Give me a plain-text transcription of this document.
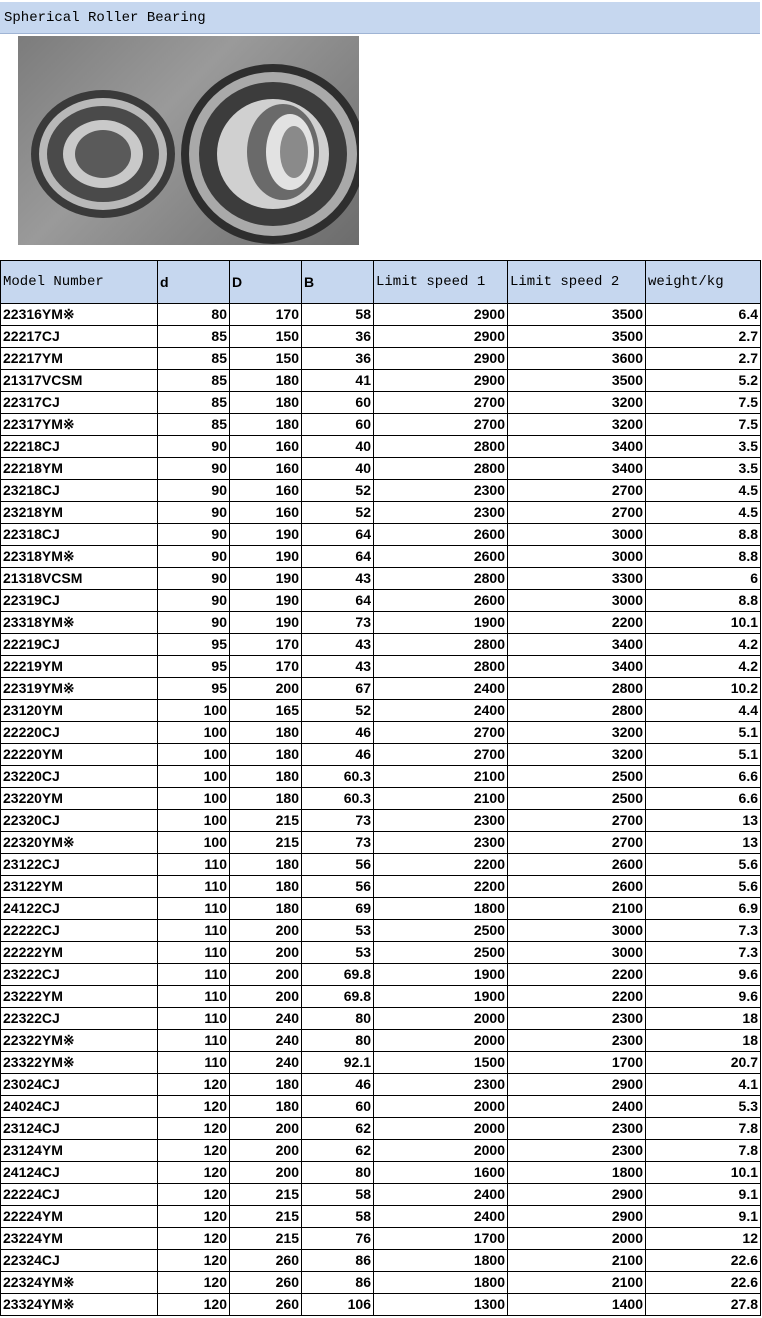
Spherical Roller Bearing
Model Number	d	D	B	Limit speed 1	Limit speed 2	weight/kg
22316YM※	80	170	58	2900	3500	6.4
22217CJ	85	150	36	2900	3500	2.7
22217YM	85	150	36	2900	3600	2.7
21317VCSM	85	180	41	2900	3500	5.2
22317CJ	85	180	60	2700	3200	7.5
22317YM※	85	180	60	2700	3200	7.5
22218CJ	90	160	40	2800	3400	3.5
22218YM	90	160	40	2800	3400	3.5
23218CJ	90	160	52	2300	2700	4.5
23218YM	90	160	52	2300	2700	4.5
22318CJ	90	190	64	2600	3000	8.8
22318YM※	90	190	64	2600	3000	8.8
21318VCSM	90	190	43	2800	3300	6
22319CJ	90	190	64	2600	3000	8.8
23318YM※	90	190	73	1900	2200	10.1
22219CJ	95	170	43	2800	3400	4.2
22219YM	95	170	43	2800	3400	4.2
22319YM※	95	200	67	2400	2800	10.2
23120YM	100	165	52	2400	2800	4.4
22220CJ	100	180	46	2700	3200	5.1
22220YM	100	180	46	2700	3200	5.1
23220CJ	100	180	60.3	2100	2500	6.6
23220YM	100	180	60.3	2100	2500	6.6
22320CJ	100	215	73	2300	2700	13
22320YM※	100	215	73	2300	2700	13
23122CJ	110	180	56	2200	2600	5.6
23122YM	110	180	56	2200	2600	5.6
24122CJ	110	180	69	1800	2100	6.9
22222CJ	110	200	53	2500	3000	7.3
22222YM	110	200	53	2500	3000	7.3
23222CJ	110	200	69.8	1900	2200	9.6
23222YM	110	200	69.8	1900	2200	9.6
22322CJ	110	240	80	2000	2300	18
22322YM※	110	240	80	2000	2300	18
23322YM※	110	240	92.1	1500	1700	20.7
23024CJ	120	180	46	2300	2900	4.1
24024CJ	120	180	60	2000	2400	5.3
23124CJ	120	200	62	2000	2300	7.8
23124YM	120	200	62	2000	2300	7.8
24124CJ	120	200	80	1600	1800	10.1
22224CJ	120	215	58	2400	2900	9.1
22224YM	120	215	58	2400	2900	9.1
23224YM	120	215	76	1700	2000	12
22324CJ	120	260	86	1800	2100	22.6
22324YM※	120	260	86	1800	2100	22.6
23324YM※	120	260	106	1300	1400	27.8
